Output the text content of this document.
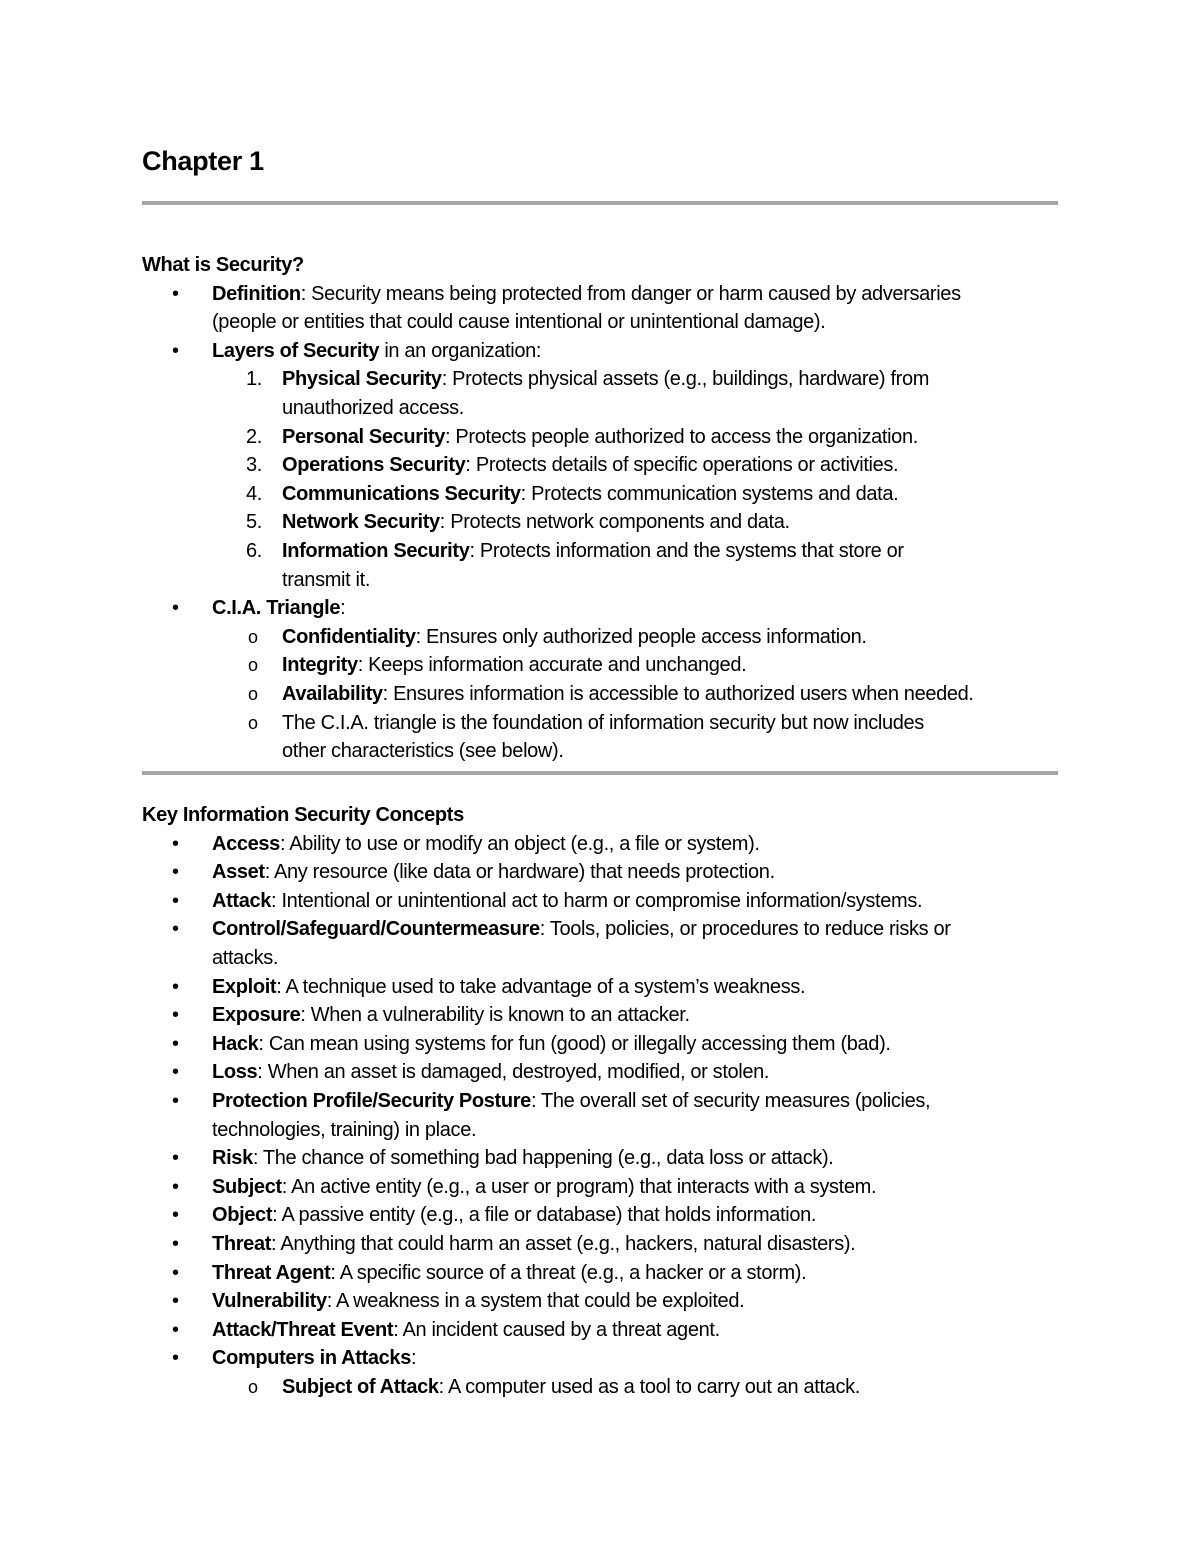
Chapter 1
What is Security?
• Definition: Security means being protected from danger or harm caused by adversaries
(people or entities that could cause intentional or unintentional damage).
• Layers of Security in an organization:
1. Physical Security: Protects physical assets (e.g., buildings, hardware) from
unauthorized access.
2. Personal Security: Protects people authorized to access the organization.
3. Operations Security: Protects details of specific operations or activities.
4. Communications Security: Protects communication systems and data.
5. Network Security: Protects network components and data.
6. Information Security: Protects information and the systems that store or
transmit it.
• C.I.A. Triangle:
o Confidentiality: Ensures only authorized people access information.
o Integrity: Keeps information accurate and unchanged.
o Availability: Ensures information is accessible to authorized users when needed.
o The C.I.A. triangle is the foundation of information security but now includes
other characteristics (see below).
Key Information Security Concepts
• Access: Ability to use or modify an object (e.g., a file or system).
• Asset: Any resource (like data or hardware) that needs protection.
• Attack: Intentional or unintentional act to harm or compromise information/systems.
• Control/Safeguard/Countermeasure: Tools, policies, or procedures to reduce risks or
attacks.
• Exploit: A technique used to take advantage of a system’s weakness.
• Exposure: When a vulnerability is known to an attacker.
• Hack: Can mean using systems for fun (good) or illegally accessing them (bad).
• Loss: When an asset is damaged, destroyed, modified, or stolen.
• Protection Profile/Security Posture: The overall set of security measures (policies,
technologies, training) in place.
• Risk: The chance of something bad happening (e.g., data loss or attack).
• Subject: An active entity (e.g., a user or program) that interacts with a system.
• Object: A passive entity (e.g., a file or database) that holds information.
• Threat: Anything that could harm an asset (e.g., hackers, natural disasters).
• Threat Agent: A specific source of a threat (e.g., a hacker or a storm).
• Vulnerability: A weakness in a system that could be exploited.
• Attack/Threat Event: An incident caused by a threat agent.
• Computers in Attacks:
o Subject of Attack: A computer used as a tool to carry out an attack.
